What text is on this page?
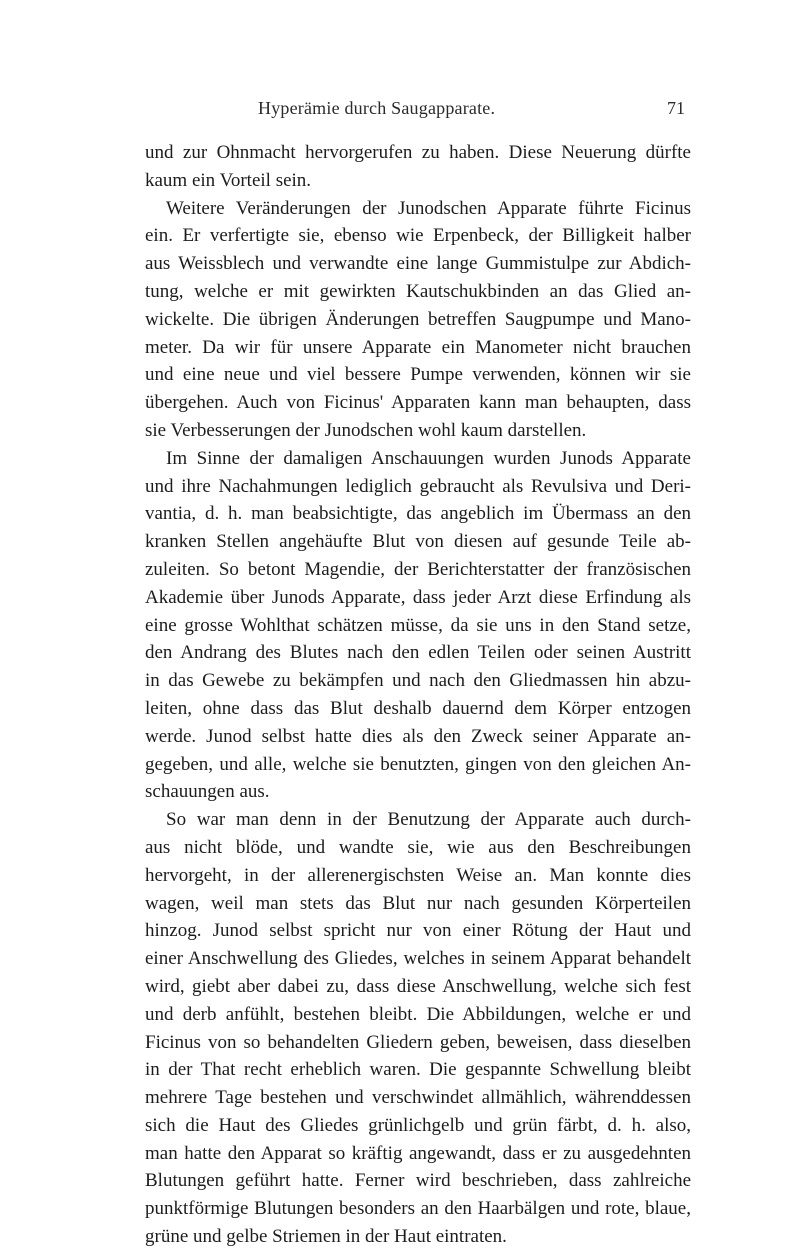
Hyperämie durch Saugapparate.	71
und zur Ohnmacht hervorgerufen zu haben. Diese Neuerung dürfte
kaum ein Vorteil sein.
Weitere Veränderungen der Junodschen Apparate führte Ficinus
ein. Er verfertigte sie, ebenso wie Erpenbeck, der Billigkeit halber
aus Weissblech und verwandte eine lange Gummistulpe zur Abdich-
tung, welche er mit gewirkten Kautschukbinden an das Glied an-
wickelte. Die übrigen Änderungen betreffen Saugpumpe und Mano-
meter. Da wir für unsere Apparate ein Manometer nicht brauchen
und eine neue und viel bessere Pumpe verwenden, können wir sie
übergehen. Auch von Ficinus' Apparaten kann man behaupten, dass
sie Verbesserungen der Junodschen wohl kaum darstellen.
Im Sinne der damaligen Anschauungen wurden Junods Apparate
und ihre Nachahmungen lediglich gebraucht als Revulsiva und Deri-
vantia, d. h. man beabsichtigte, das angeblich im Übermass an den
kranken Stellen angehäufte Blut von diesen auf gesunde Teile ab-
zuleiten. So betont Magendie, der Berichterstatter der französischen
Akademie über Junods Apparate, dass jeder Arzt diese Erfindung als
eine grosse Wohlthat schätzen müsse, da sie uns in den Stand setze,
den Andrang des Blutes nach den edlen Teilen oder seinen Austritt
in das Gewebe zu bekämpfen und nach den Gliedmassen hin abzu-
leiten, ohne dass das Blut deshalb dauernd dem Körper entzogen
werde. Junod selbst hatte dies als den Zweck seiner Apparate an-
gegeben, und alle, welche sie benutzten, gingen von den gleichen An-
schauungen aus.
So war man denn in der Benutzung der Apparate auch durch-
aus nicht blöde, und wandte sie, wie aus den Beschreibungen
hervorgeht, in der allerenergischsten Weise an. Man konnte dies
wagen, weil man stets das Blut nur nach gesunden Körperteilen
hinzog. Junod selbst spricht nur von einer Rötung der Haut und
einer Anschwellung des Gliedes, welches in seinem Apparat behandelt
wird, giebt aber dabei zu, dass diese Anschwellung, welche sich fest
und derb anfühlt, bestehen bleibt. Die Abbildungen, welche er und
Ficinus von so behandelten Gliedern geben, beweisen, dass dieselben
in der That recht erheblich waren. Die gespannte Schwellung bleibt
mehrere Tage bestehen und verschwindet allmählich, währenddessen
sich die Haut des Gliedes grünlichgelb und grün färbt, d. h. also,
man hatte den Apparat so kräftig angewandt, dass er zu ausgedehnten
Blutungen geführt hatte. Ferner wird beschrieben, dass zahlreiche
punktförmige Blutungen besonders an den Haarbälgen und rote, blaue,
grüne und gelbe Striemen in der Haut eintraten.
